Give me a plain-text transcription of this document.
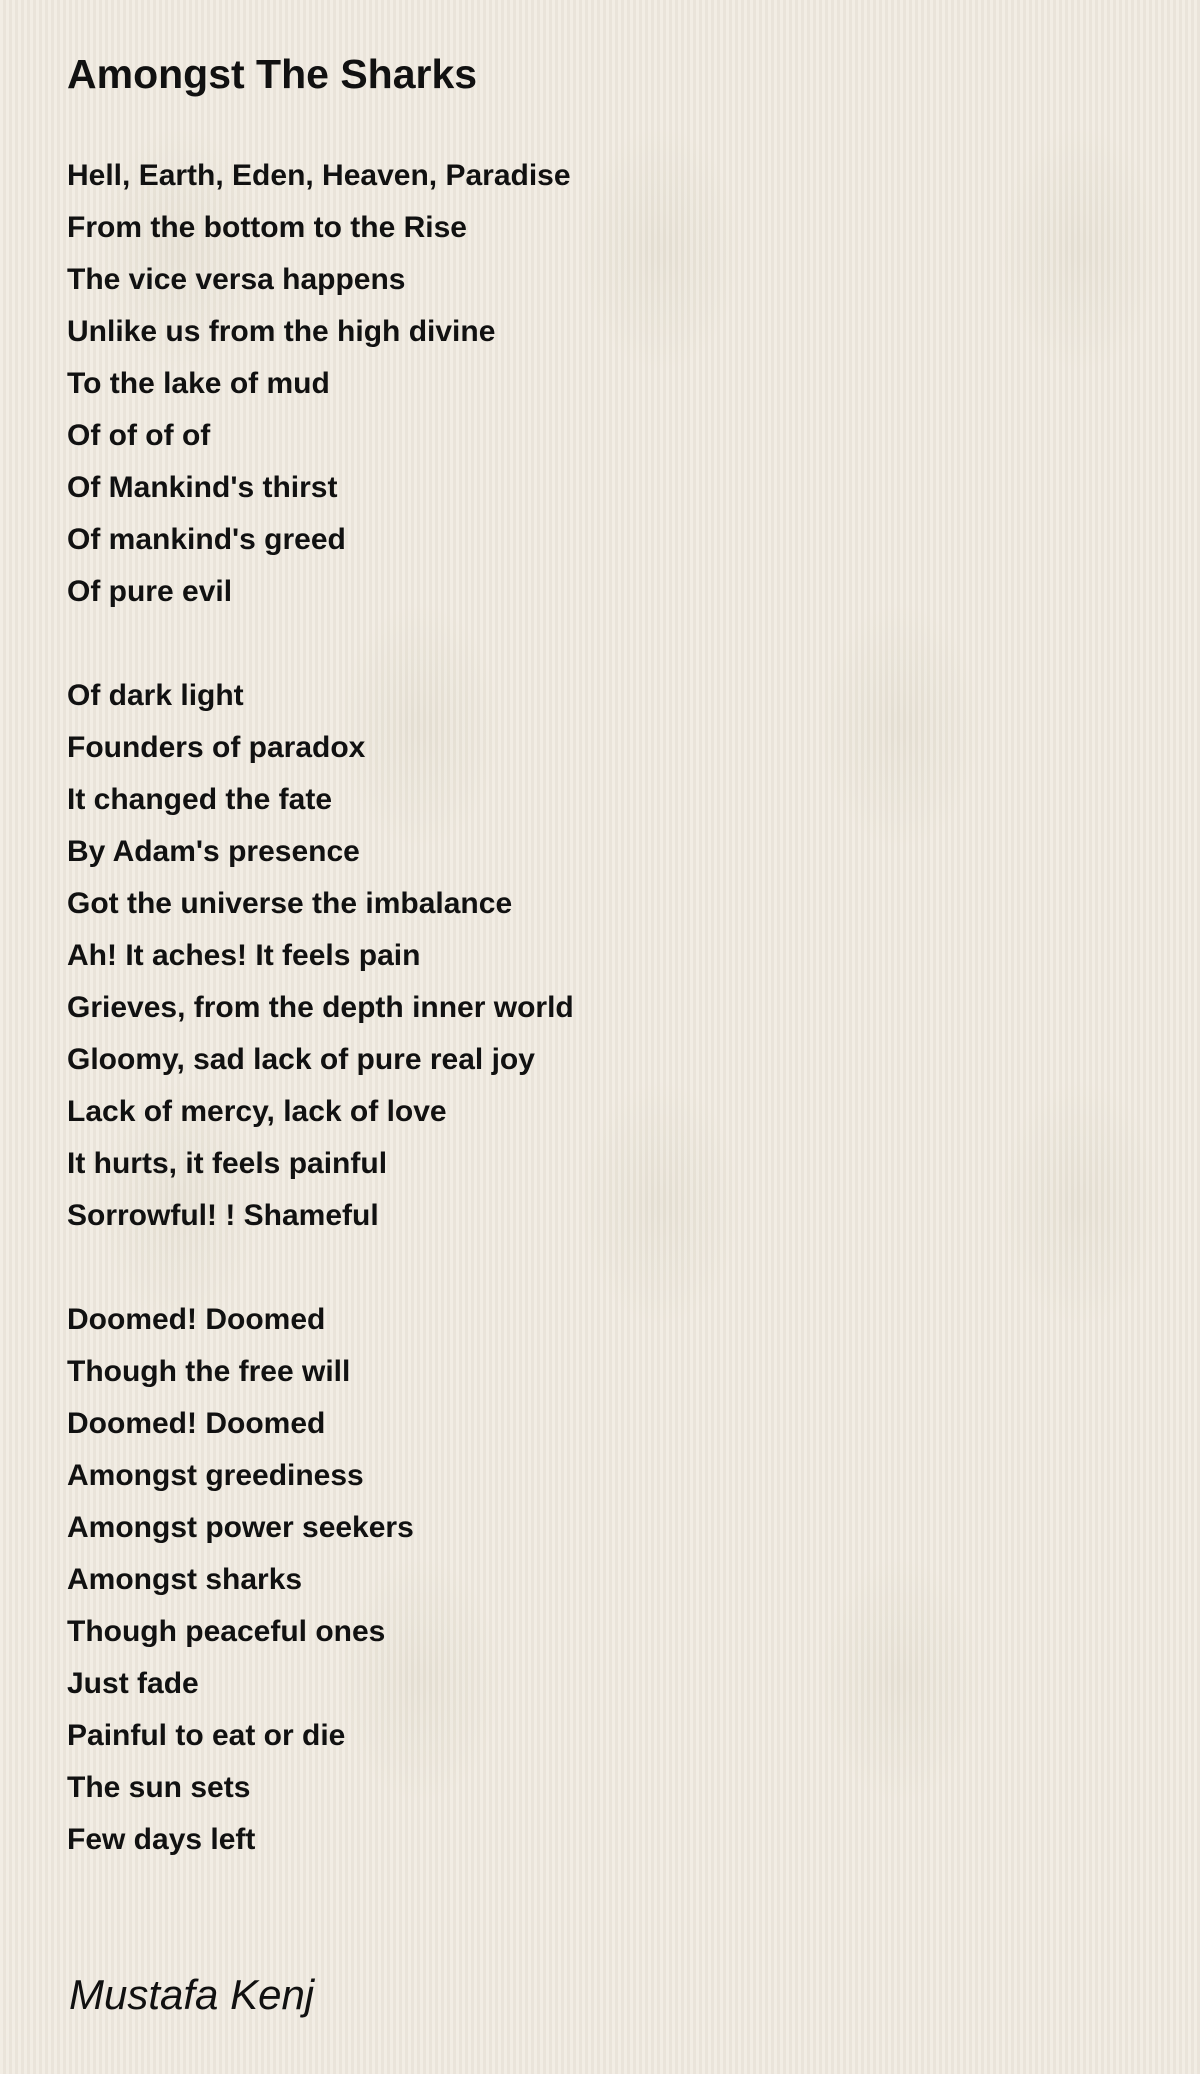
Amongst The Sharks
Hell, Earth, Eden, Heaven, Paradise
From the bottom to the Rise
The vice versa happens
Unlike us from the high divine
To the lake of mud
Of of of of
Of Mankind's thirst
Of mankind's greed
Of pure evil
Of dark light
Founders of paradox
It changed the fate
By Adam's presence
Got the universe the imbalance
Ah! It aches! It feels pain
Grieves, from the depth inner world
Gloomy, sad lack of pure real joy
Lack of mercy, lack of love
It hurts, it feels painful
Sorrowful! ! Shameful
Doomed! Doomed
Though the free will
Doomed! Doomed
Amongst greediness
Amongst power seekers
Amongst sharks
Though peaceful ones
Just fade
Painful to eat or die
The sun sets
Few days left
Mustafa Kenj
